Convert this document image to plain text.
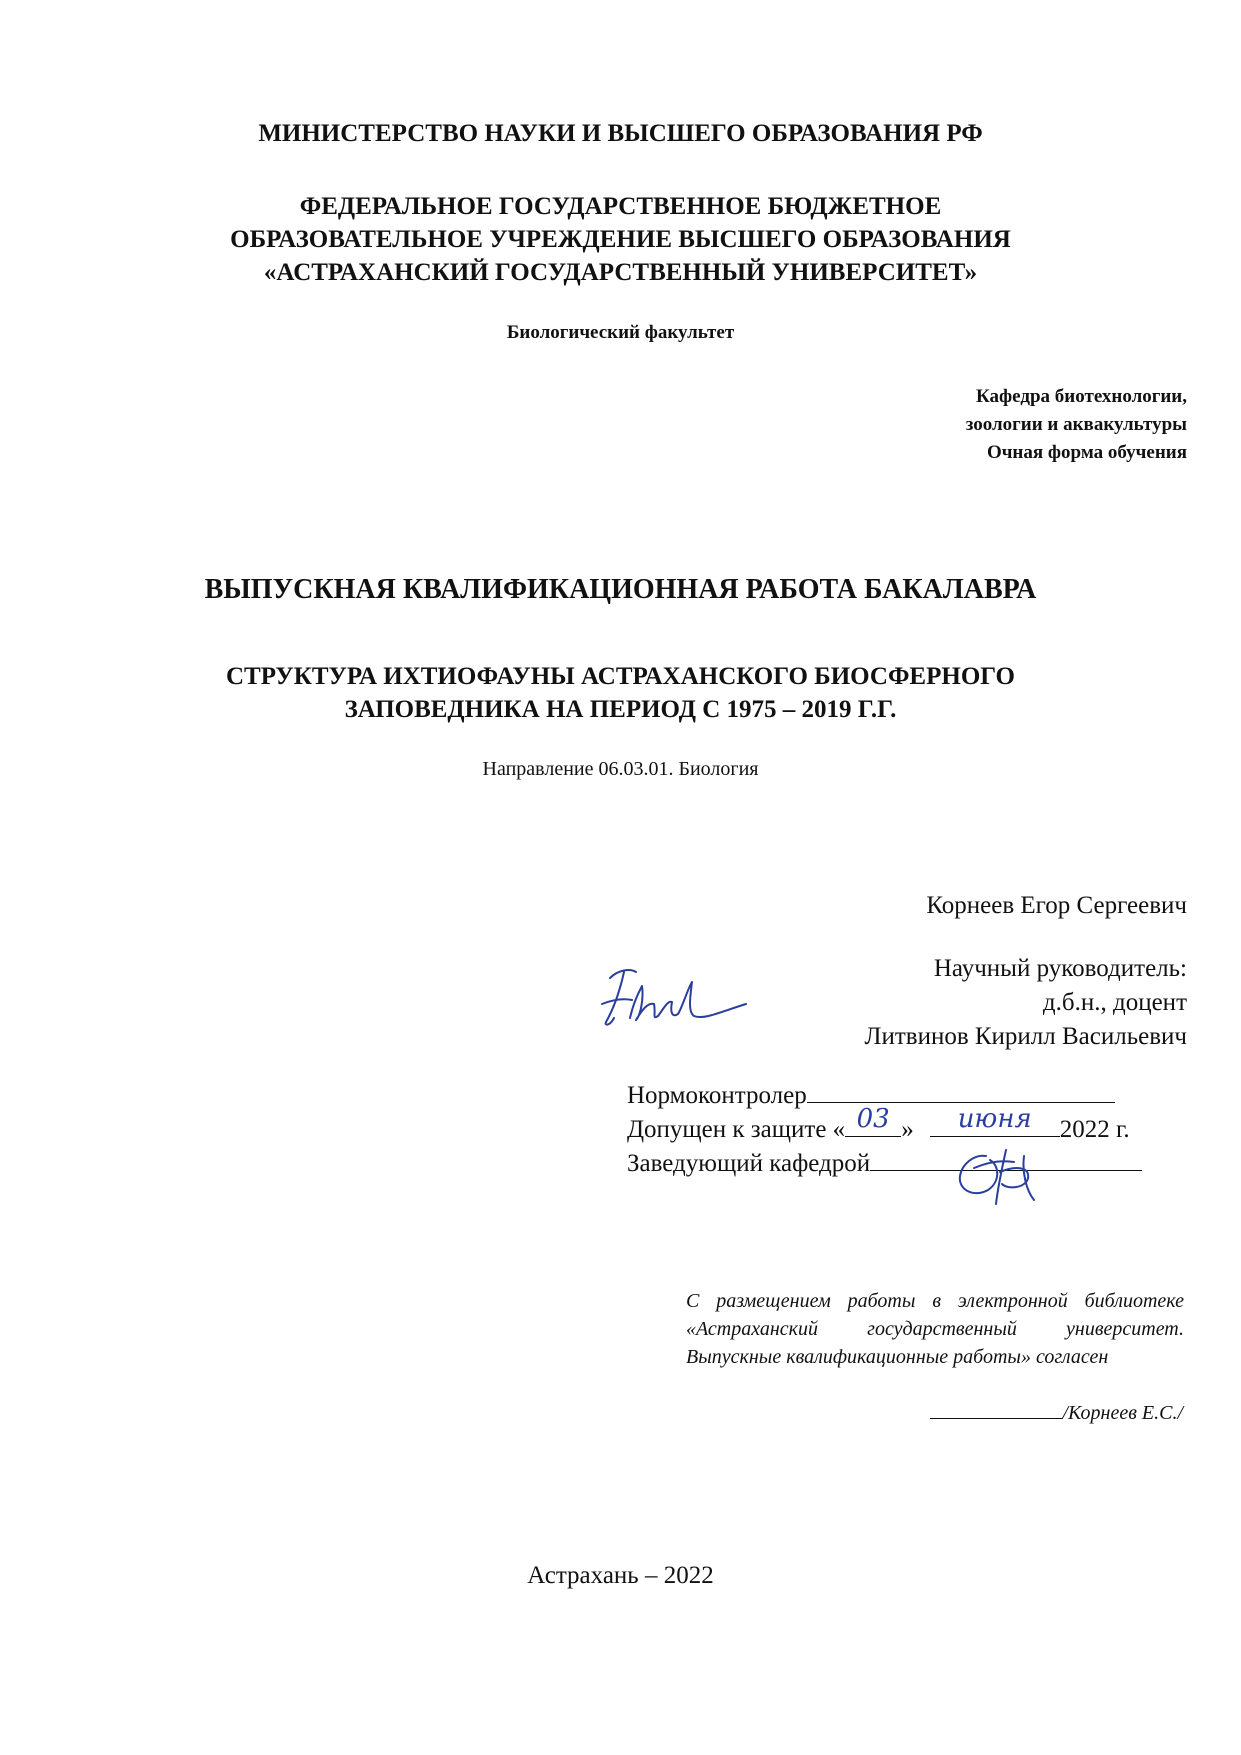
МИНИСТЕРСТВО НАУКИ И ВЫСШЕГО ОБРАЗОВАНИЯ РФ

ФЕДЕРАЛЬНОЕ ГОСУДАРСТВЕННОЕ БЮДЖЕТНОЕ
ОБРАЗОВАТЕЛЬНОЕ УЧРЕЖДЕНИЕ ВЫСШЕГО ОБРАЗОВАНИЯ
«АСТРАХАНСКИЙ ГОСУДАРСТВЕННЫЙ УНИВЕРСИТЕТ»

Биологический факультет

Кафедра биотехнологии,
зоологии и аквакультуры
Очная форма обучения

ВЫПУСКНАЯ КВАЛИФИКАЦИОННАЯ РАБОТА БАКАЛАВРА

СТРУКТУРА ИХТИОФАУНЫ АСТРАХАНСКОГО БИОСФЕРНОГО
ЗАПОВЕДНИКА НА ПЕРИОД С 1975 – 2019 Г.Г.

Направление 06.03.01. Биология

Корнеев Егор Сергеевич

Научный руководитель:
д.б.н., доцент
Литвинов Кирилл Васильевич

Нормоконтролер
Допущен к защите « 03 »	июня	2022 г.
Заведующий кафедрой

С размещением работы в электронной библиотеке «Астраханский государственный университет. Выпускные квалификационные работы» согласен

/Корнеев Е.С./

Астрахань – 2022
